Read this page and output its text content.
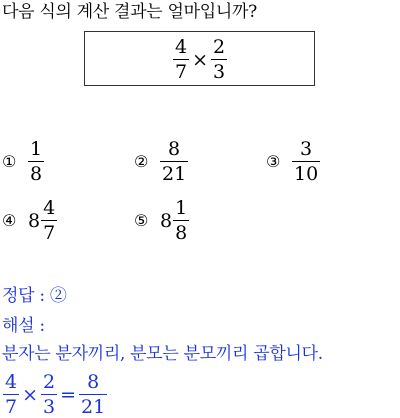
다음 식의 계산 결과는 얼마입니까?
$\frac{4}{7} \times \frac{2}{3}$
① $\frac{1}{8}$	② $\frac{8}{21}$	③ $\frac{3}{10}$
④ $8 \frac{4}{7}$	⑤ $8 \frac{1}{8}$
정답 : ②
해설 :
분자는 분자끼리, 분모는 분모끼리 곱합니다.
$\frac{4}{7} \times \frac{2}{3} = \frac{8}{21}$
